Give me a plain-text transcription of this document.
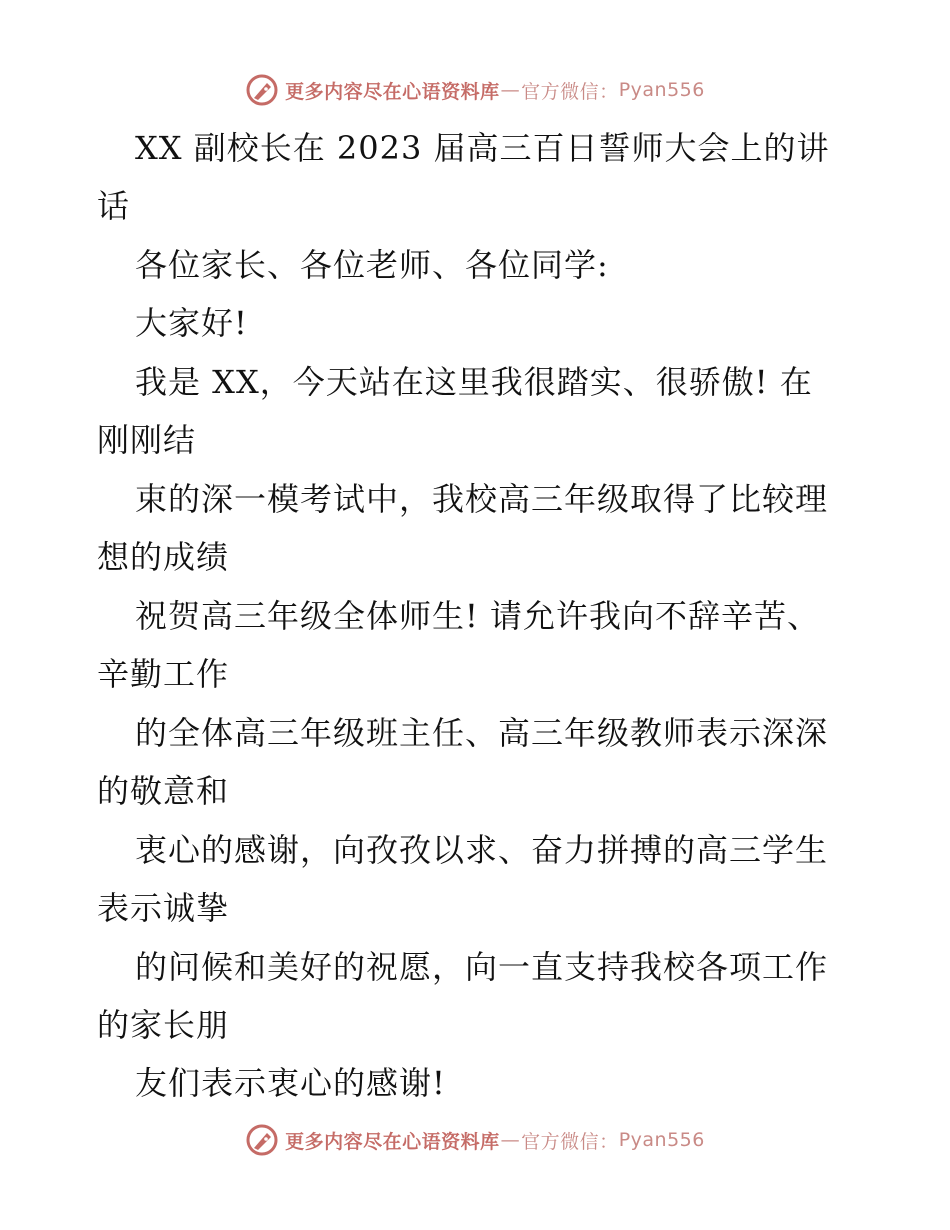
更多内容尽在心语资料库 — 官方微信： Pyan556
XX 副校长在 2023 届高三百日誓师大会上的讲
话
各位家长、各位老师、各位同学:
大家好!
我是 XX，今天站在这里我很踏实、很骄傲! 在
刚刚结
束的深一模考试中，我校高三年级取得了比较理
想的成绩
祝贺高三年级全体师生! 请允许我向不辞辛苦、
辛勤工作
的全体高三年级班主任、高三年级教师表示深深
的敬意和
衷心的感谢，向孜孜以求、奋力拼搏的高三学生
表示诚挚
的问候和美好的祝愿，向一直支持我校各项工作
的家长朋
友们表示衷心的感谢!
更多内容尽在心语资料库 — 官方微信： Pyan556
